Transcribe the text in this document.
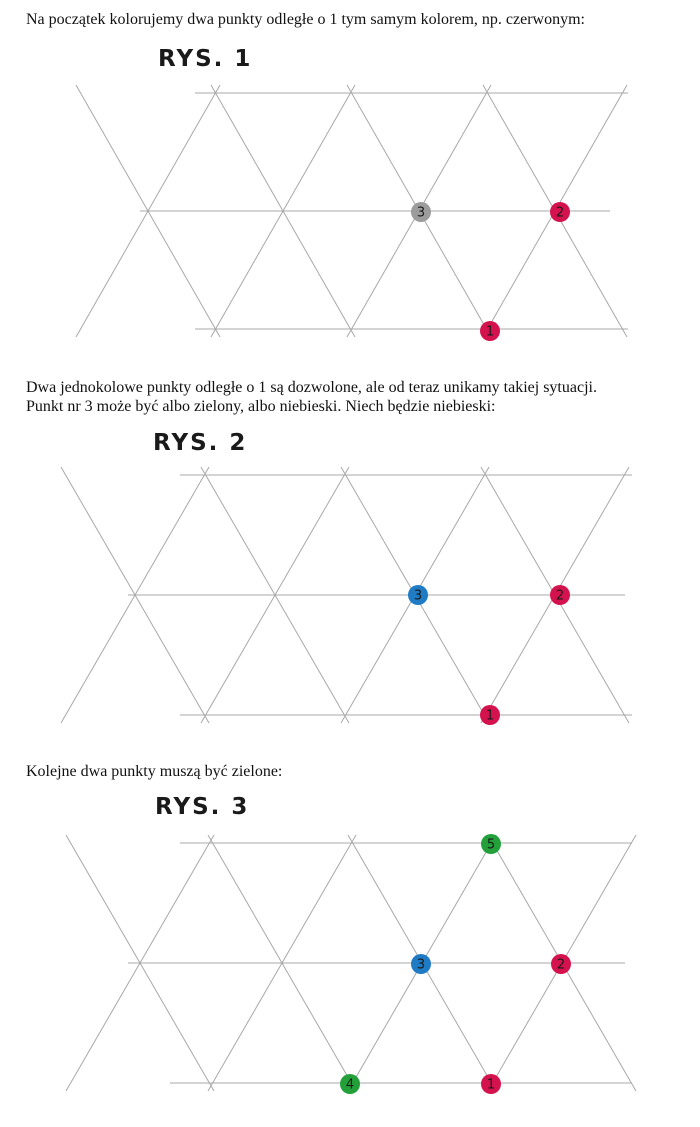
Na początek kolorujemy dwa punkty odległe o 1 tym samym kolorem, np. czerwonym:

RYS. 1
1
2
3

Dwa jednokolowe punkty odległe o 1 są dozwolone, ale od teraz unikamy takiej sytuacji.

Punkt nr 3 może być albo zielony, albo niebieski. Niech będzie niebieski:

RYS. 2
1
2
3

Kolejne dwa punkty muszą być zielone:

RYS. 3
1
2
3
4
5
